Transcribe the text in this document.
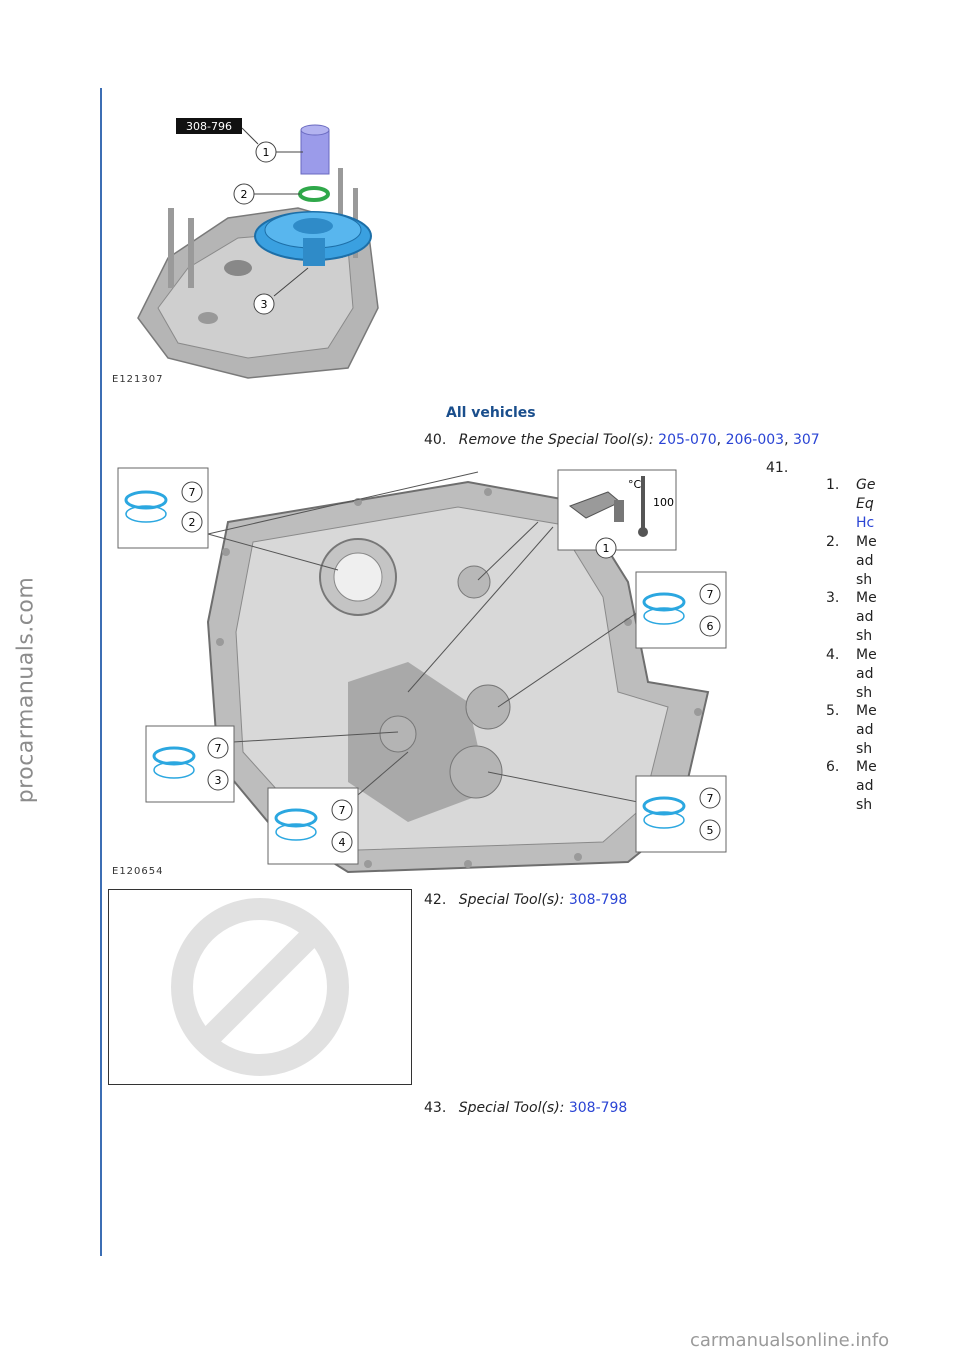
procarmanuals.com
308-796
1
2
3
E121307
All vehicles
40. Remove the Special Tool(s): 205-070, 206-003, 307
°C
100
7
2
1
7
6
7
3
7
4
7
5
E120654
41.
1. Ge
Eq
Hc
2. Me
ad
sh
3. Me
ad
sh
4. Me
ad
sh
5. Me
ad
sh
6. Me
ad
sh
42. Special Tool(s): 308-798
43. Special Tool(s): 308-798
carmanualsonline.info
